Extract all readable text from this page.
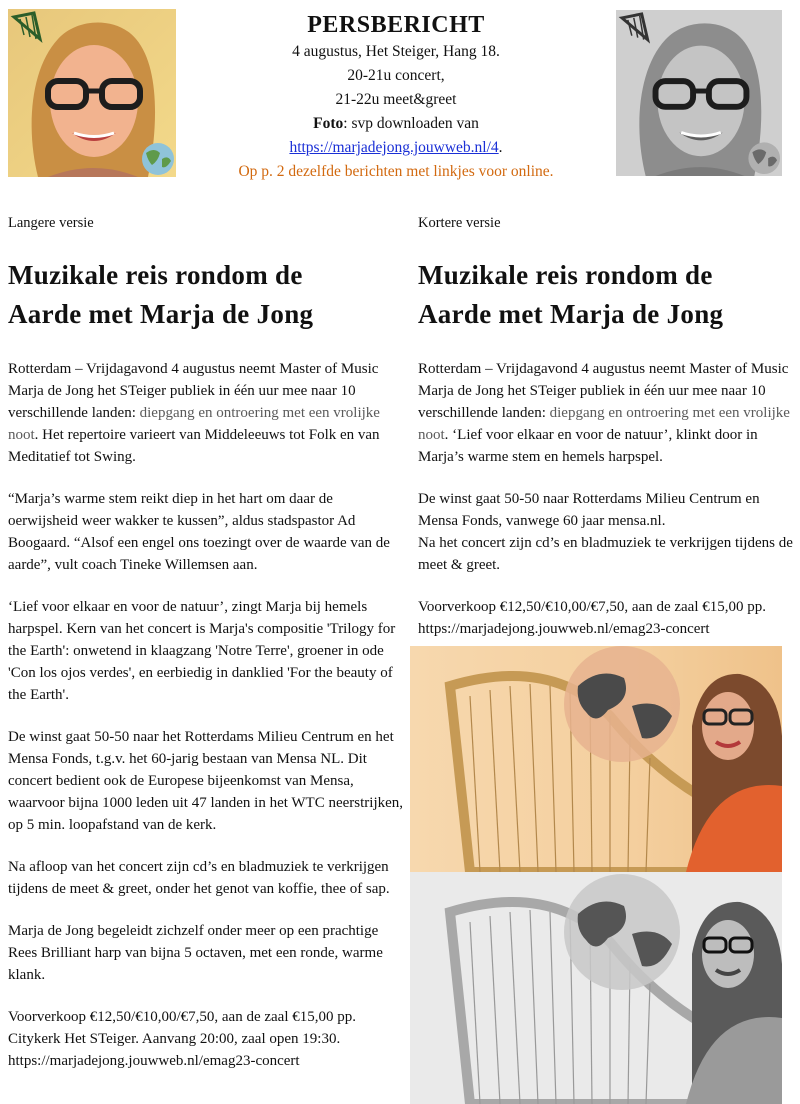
PERSBERICHT
4 augustus, Het Steiger, Hang 18.
20-21u concert,
21-22u meet&greet
Foto: svp downloaden van
https://marjadejong.jouwweb.nl/4.
Op p. 2 dezelfde berichten met linkjes voor online.
Langere versie
Muzikale reis rondom de
Aarde met Marja de Jong
Rotterdam – Vrijdagavond 4 augustus neemt Master of Music Marja de Jong het STeiger publiek in één uur mee naar 10 verschillende landen: diepgang en ontroering met een vrolijke noot. Het repertoire varieert van Middeleeuws tot Folk en van Meditatief tot Swing.
“Marja’s warme stem reikt diep in het hart om daar de oerwijsheid weer wakker te kussen”, aldus stadspastor Ad Boogaard. “Alsof een engel ons toezingt over de waarde van de aarde”, vult coach Tineke Willemsen aan.
‘Lief voor elkaar en voor de natuur’, zingt Marja bij hemels harpspel. Kern van het concert is Marja's compositie 'Trilogy for the Earth': onwetend in klaagzang 'Notre Terre', groener in ode 'Con los ojos verdes', en eerbiedig in danklied 'For the beauty of the Earth'.
De winst gaat 50-50 naar het Rotterdams Milieu Centrum en het Mensa Fonds, t.g.v. het 60-jarig bestaan van Mensa NL. Dit concert bedient ook de Europese bijeenkomst van Mensa, waarvoor bijna 1000 leden uit 47 landen in het WTC neerstrijken, op 5 min. loopafstand van de kerk.
Na afloop van het concert zijn cd’s en bladmuziek te verkrijgen tijdens de meet & greet, onder het genot van koffie, thee of sap.
Marja de Jong begeleidt zichzelf onder meer op een prachtige Rees Brilliant harp van bijna 5 octaven, met een ronde, warme klank.
Voorverkoop €12,50/€10,00/€7,50, aan de zaal €15,00 pp.
Citykerk Het STeiger. Aanvang 20:00, zaal open 19:30.
https://marjadejong.jouwweb.nl/emag23-concert
Kortere versie
Muzikale reis rondom de
Aarde met Marja de Jong
Rotterdam – Vrijdagavond 4 augustus neemt Master of Music Marja de Jong het STeiger publiek in één uur mee naar 10 verschillende landen: diepgang en ontroering met een vrolijke noot. ‘Lief voor elkaar en voor de natuur’, klinkt door in Marja’s warme stem en hemels harpspel.
De winst gaat 50-50 naar Rotterdams Milieu Centrum en Mensa Fonds, vanwege 60 jaar mensa.nl.
Na het concert zijn cd’s en bladmuziek te verkrijgen tijdens de meet & greet.
Voorverkoop €12,50/€10,00/€7,50, aan de zaal €15,00 pp.
https://marjadejong.jouwweb.nl/emag23-concert
